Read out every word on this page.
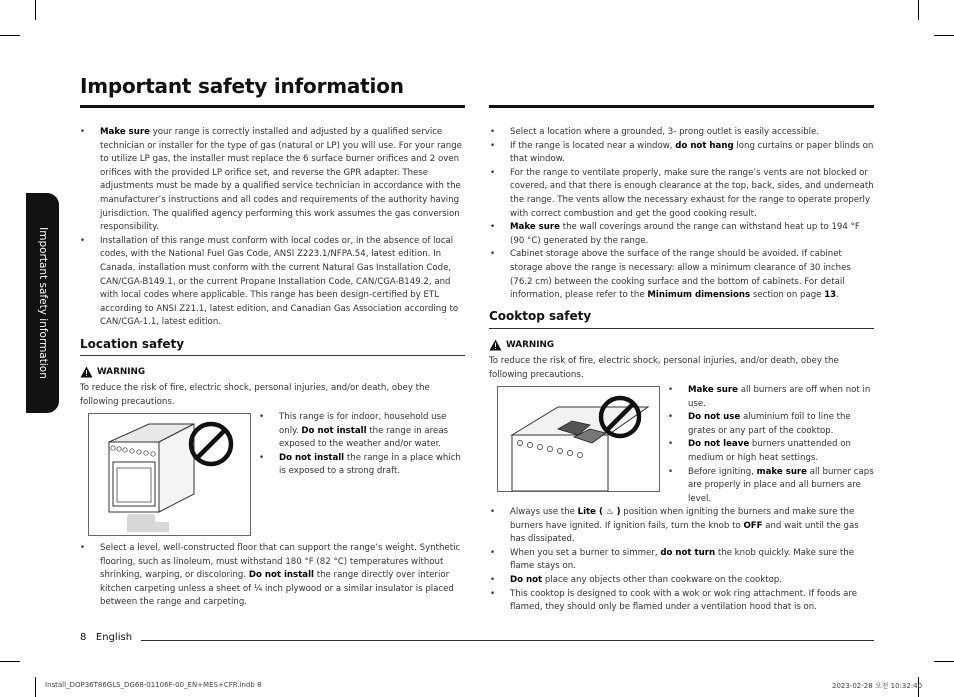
Important safety information
Important safety information
• Make sure your range is correctly installed and adjusted by a qualified service technician or installer for the type of gas (natural or LP) you will use. For your range to utilize LP gas, the installer must replace the 6 surface burner orifices and 2 oven orifices with the provided LP orifice set, and reverse the GPR adapter. These adjustments must be made by a qualified service technician in accordance with the manufacturer’s instructions and all codes and requirements of the authority having jurisdiction. The qualified agency performing this work assumes the gas conversion responsibility.
• Installation of this range must conform with local codes or, in the absence of local codes, with the National Fuel Gas Code, ANSI Z223.1/NFPA.54, latest edition. In Canada, installation must conform with the current Natural Gas Installation Code, CAN/CGA-B149.1, or the current Propane Installation Code, CAN/CGA-B149.2, and with local codes where applicable. This range has been design-certified by ETL according to ANSI Z21.1, latest edition, and Canadian Gas Association according to CAN/CGA-1.1, latest edition.
Location safety
WARNING
To reduce the risk of fire, electric shock, personal injuries, and/or death, obey the following precautions.
• This range is for indoor, household use only. Do not install the range in areas exposed to the weather and/or water.
• Do not install the range in a place which is exposed to a strong draft.
• Select a level, well-constructed floor that can support the range’s weight. Synthetic flooring, such as linoleum, must withstand 180 °F (82 °C) temperatures without shrinking, warping, or discoloring. Do not install the range directly over interior kitchen carpeting unless a sheet of ¼ inch plywood or a similar insulator is placed between the range and carpeting.
• Select a location where a grounded, 3- prong outlet is easily accessible.
• If the range is located near a window, do not hang long curtains or paper blinds on that window.
• For the range to ventilate properly, make sure the range’s vents are not blocked or covered, and that there is enough clearance at the top, back, sides, and underneath the range. The vents allow the necessary exhaust for the range to operate properly with correct combustion and get the good cooking result.
• Make sure the wall coverings around the range can withstand heat up to 194 °F (90 °C) generated by the range.
• Cabinet storage above the surface of the range should be avoided. If cabinet storage above the range is necessary: allow a minimum clearance of 30 inches (76.2 cm) between the cooking surface and the bottom of cabinets. For detail information, please refer to the Minimum dimensions section on page 13.
Cooktop safety
WARNING
To reduce the risk of fire, electric shock, personal injuries, and/or death, obey the following precautions.
• Make sure all burners are off when not in use.
• Do not use aluminium foil to line the grates or any part of the cooktop.
• Do not leave burners unattended on medium or high heat settings.
• Before igniting, make sure all burner caps are properly in place and all burners are level.
• Always use the Lite ( ♨ ) position when igniting the burners and make sure the burners have ignited. If ignition fails, turn the knob to OFF and wait until the gas has dissipated.
• When you set a burner to simmer, do not turn the knob quickly. Make sure the flame stays on.
• Do not place any objects other than cookware on the cooktop.
• This cooktop is designed to cook with a wok or wok ring attachment. If foods are flamed, they should only be flamed under a ventilation hood that is on.
8 English
Install_DOP36T86GLS_DG68-01106F-00_EN+MES+CFR.indb 8	2023-02-28 오전 10:32:40
